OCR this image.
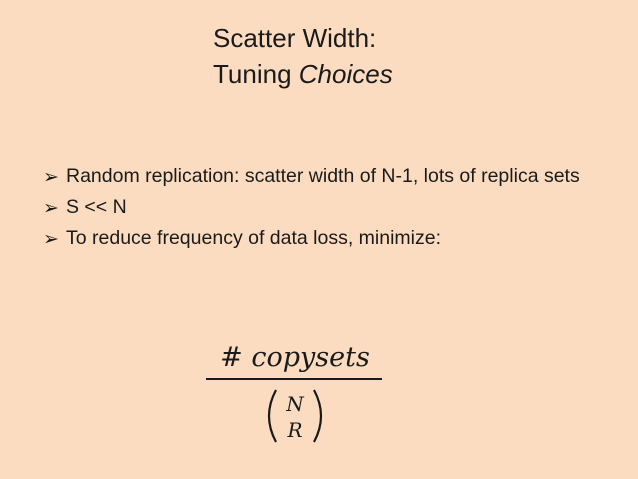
Scatter Width:
Tuning Choices
➢ Random replication: scatter width of N-1, lots of replica sets
➢ S << N
➢ To reduce frequency of data loss, minimize:
# copysets
N
R
